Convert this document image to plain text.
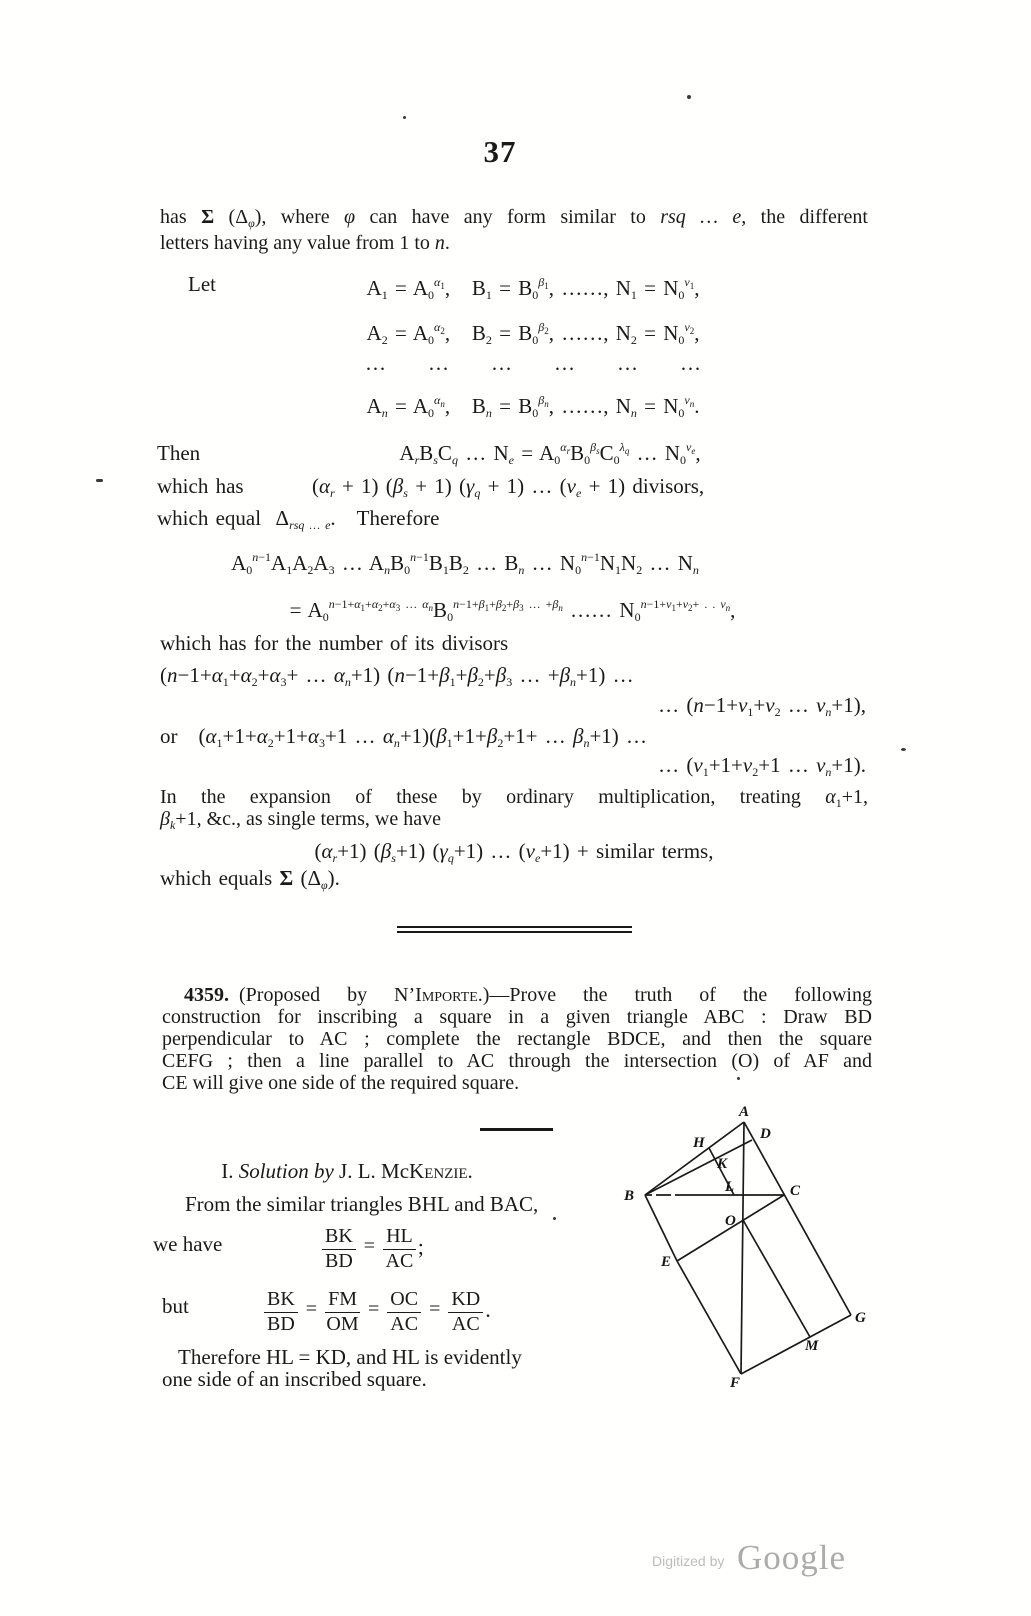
37
has Σ $(\Delta_\varphi)$, where φ can have any form similar to rsq … e, the different
letters having any value from 1 to n.
Let	$A_1 = A_0^{\alpha_1}$,   $B_1 = B_0^{\beta_1}$, ……, $N_1 = N_0^{\nu_1}$,
$A_2 = A_0^{\alpha_2}$,   $B_2 = B_0^{\beta_2}$, ……, $N_2 = N_0^{\nu_2}$,
…  …  …  …  …  …
$A_n = A_0^{\alpha_n}$,   $B_n = B_0^{\beta_n}$, ……, $N_n = N_0^{\nu_n}$.
Then	$A_rB_sC_q$ … $N_e = A_0^{\alpha_r}B_0^{\beta_s}C_0^{\lambda_q}$ … $N_0^{\nu_e}$,
which has	$(\alpha_r + 1) (\beta_s + 1) (\gamma_q + 1)$ … $(\nu_e + 1)$ divisors,
which equal  $\Delta_{rsq \dots e}$. Therefore
$A_0^{n-1}A_1A_2A_3$ … $A_nB_0^{n-1}B_1B_2$ … $B_n$ … $N_0^{n-1}N_1N_2$ … $N_n$
= $A_0^{n-1+\alpha_1+\alpha_2+\alpha_3 \dots \alpha_n}B_0^{n-1+\beta_1+\beta_2+\beta_3 \dots +\beta_n}$ …… $N_0^{n-1+\nu_1+\nu_2+ . . \nu_n}$,
which has for the number of its divisors
($n-1+\alpha_1+\alpha_2+\alpha_3+$ … $\alpha_n+1$) ($n-1+\beta_1+\beta_2+\beta_3$ … $+\beta_n+1$) …
… ($n-1+\nu_1+\nu_2$ … $\nu_n+1$),
or ($\alpha_1+1+\alpha_2+1+\alpha_3+1$ … $\alpha_n+1)(\beta_1+1+\beta_2+1+$ … $\beta_n+1$) …
… ($\nu_1+1+\nu_2+1$ … $\nu_n+1$).
In the expansion of these by ordinary multiplication, treating $\alpha_1+1$,
$\beta_k+1$, &c., as single terms, we have
$(\alpha_r+1)$ $(\beta_s+1)$ $(\gamma_q+1)$ … $(\nu_e+1)$ + similar terms,
which equals Σ $(\Delta_\varphi)$.
4359. (Proposed by N’Importe.)—Prove the truth of the following
construction for inscribing a square in a given triangle ABC : Draw BD
perpendicular to AC ; complete the rectangle BDCE, and then the square
CEFG ; then a line parallel to AC through the intersection (O) of AF and
CE will give one side of the required square.
I. Solution by J. L. McKenzie.
From the similar triangles BHL and BAC,
we have	$\frac{BK}{BD} = \frac{HL}{AC}$ ;
but	$\frac{BK}{BD} = \frac{FM}{OM} = \frac{OC}{AC} = \frac{KD}{AC}$ .
Therefore HL = KD, and HL is evidently
one side of an inscribed square.
A
D
H
K
L
B	C
O
E
G
M
F
Digitized by Google
